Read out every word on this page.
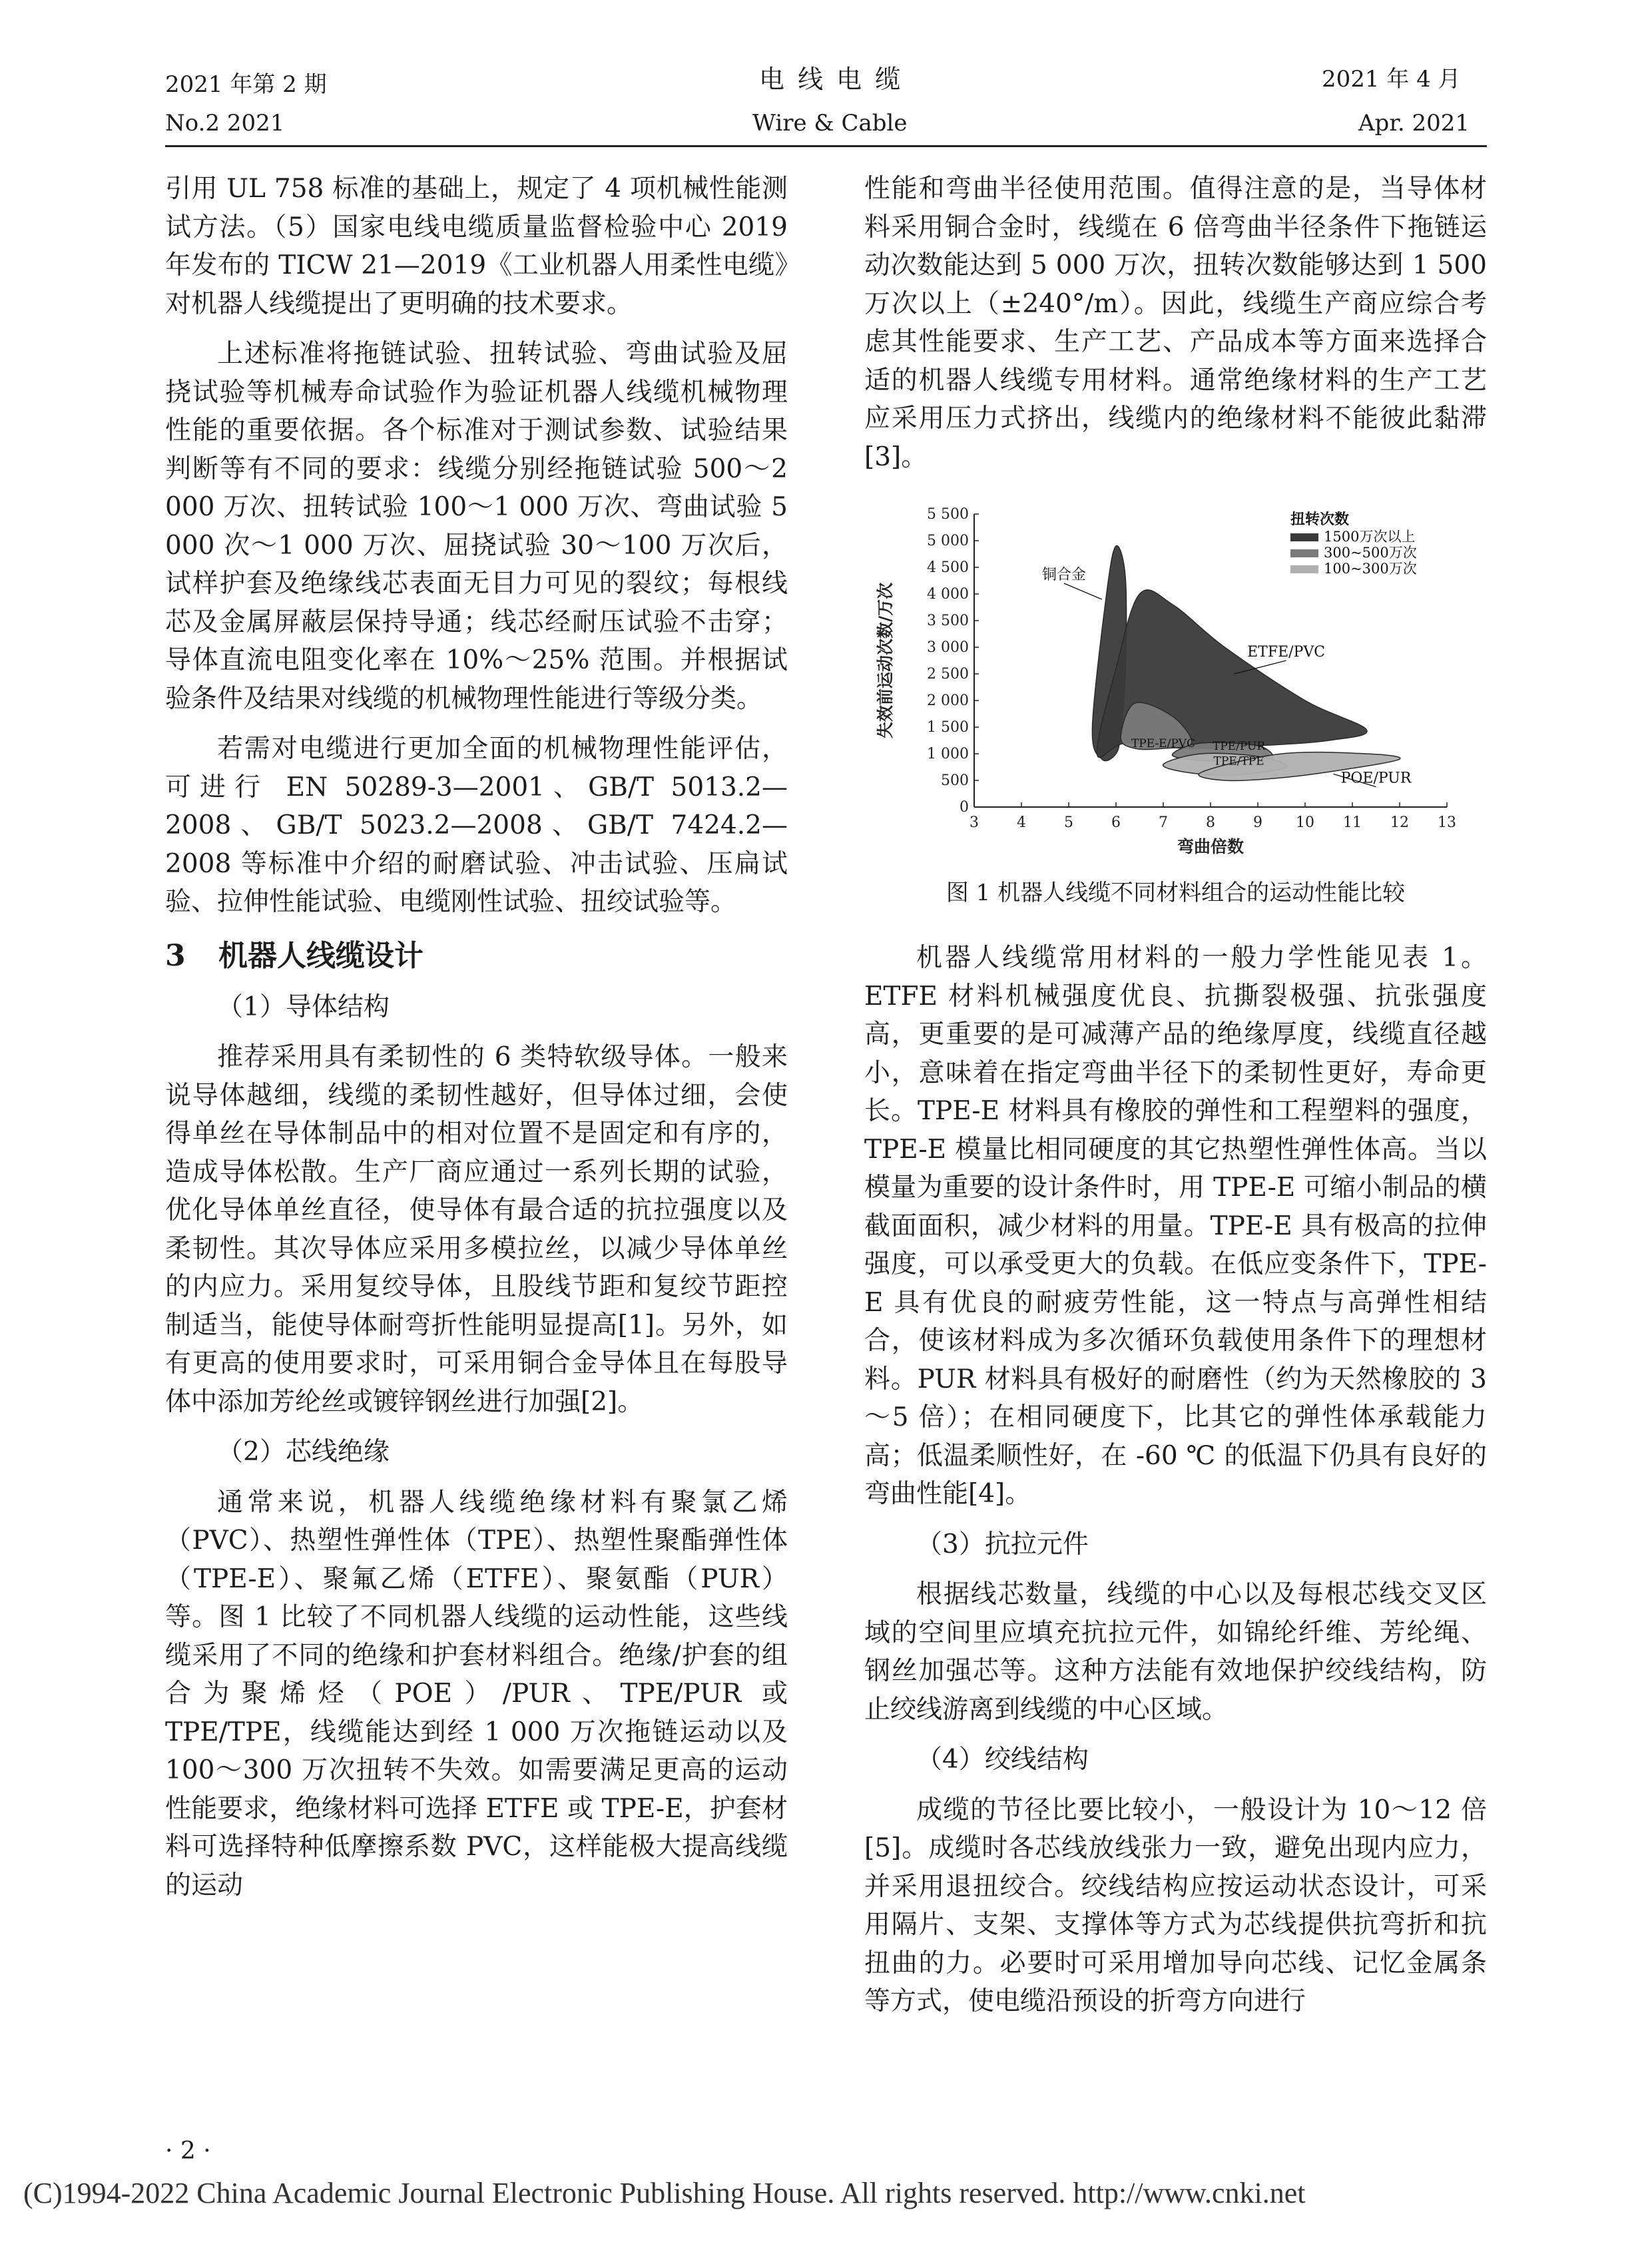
2021 年第 2 期
No.2 2021
电 线 电 缆
Wire & Cable
2021 年 4 月
Apr. 2021

引用 UL 758 标准的基础上，规定了 4 项机械性能测试方法。（5）国家电线电缆质量监督检验中心 2019 年发布的 TICW 21—2019《工业机器人用柔性电缆》对机器人线缆提出了更明确的技术要求。

上述标准将拖链试验、扭转试验、弯曲试验及屈挠试验等机械寿命试验作为验证机器人线缆机械物理性能的重要依据。各个标准对于测试参数、试验结果判断等有不同的要求：线缆分别经拖链试验 500～2 000 万次、扭转试验 100～1 000 万次、弯曲试验 5 000 次～1 000 万次、屈挠试验 30～100 万次后，试样护套及绝缘线芯表面无目力可见的裂纹；每根线芯及金属屏蔽层保持导通；线芯经耐压试验不击穿；导体直流电阻变化率在 10%～25% 范围。并根据试验条件及结果对线缆的机械物理性能进行等级分类。

若需对电缆进行更加全面的机械物理性能评估，可进行 EN 50289-3—2001、GB/T 5013.2—2008、GB/T 5023.2—2008、GB/T 7424.2—2008 等标准中介绍的耐磨试验、冲击试验、压扁试验、拉伸性能试验、电缆刚性试验、扭绞试验等。

3 机器人线缆设计

（1）导体结构

推荐采用具有柔韧性的 6 类特软级导体。一般来说导体越细，线缆的柔韧性越好，但导体过细，会使得单丝在导体制品中的相对位置不是固定和有序的，造成导体松散。生产厂商应通过一系列长期的试验，优化导体单丝直径，使导体有最合适的抗拉强度以及柔韧性。其次导体应采用多模拉丝，以减少导体单丝的内应力。采用复绞导体，且股线节距和复绞节距控制适当，能使导体耐弯折性能明显提高[1]。另外，如有更高的使用要求时，可采用铜合金导体且在每股导体中添加芳纶丝或镀锌钢丝进行加强[2]。

（2）芯线绝缘

通常来说，机器人线缆绝缘材料有聚氯乙烯（PVC）、热塑性弹性体（TPE）、热塑性聚酯弹性体（TPE-E）、聚氟乙烯（ETFE）、聚氨酯（PUR）等。图 1 比较了不同机器人线缆的运动性能，这些线缆采用了不同的绝缘和护套材料组合。绝缘/护套的组合为聚烯烃（POE）/PUR、TPE/PUR 或 TPE/TPE，线缆能达到经 1 000 万次拖链运动以及 100～300 万次扭转不失效。如需要满足更高的运动性能要求，绝缘材料可选择 ETFE 或 TPE-E，护套材料可选择特种低摩擦系数 PVC，这样能极大提高线缆的运动

性能和弯曲半径使用范围。值得注意的是，当导体材料采用铜合金时，线缆在 6 倍弯曲半径条件下拖链运动次数能达到 5 000 万次，扭转次数能够达到 1 500 万次以上（±240°/m）。因此，线缆生产商应综合考虑其性能要求、生产工艺、产品成本等方面来选择合适的机器人线缆专用材料。通常绝缘材料的生产工艺应采用压力式挤出，线缆内的绝缘材料不能彼此黏滞[3]。

3	4	5	6	7	8	9 10 11 12 13
0
500
1 000
1 500
2 000
2 500
3 000
3 500
4 000
4 500
5 000
5 500
弯曲倍数
失效前运动次数/万次
铜合金
ETFE/PVC
TPE-E/PVC TPE/PUR
TPE/TPE
POE/PUR
扭转次数
1500万次以上
300~500万次
100~300万次
图 1 机器人线缆不同材料组合的运动性能比较

机器人线缆常用材料的一般力学性能见表 1。ETFE 材料机械强度优良、抗撕裂极强、抗张强度高，更重要的是可减薄产品的绝缘厚度，线缆直径越小，意味着在指定弯曲半径下的柔韧性更好，寿命更长。TPE-E 材料具有橡胶的弹性和工程塑料的强度，TPE-E 模量比相同硬度的其它热塑性弹性体高。当以模量为重要的设计条件时，用 TPE-E 可缩小制品的横截面面积，减少材料的用量。TPE-E 具有极高的拉伸强度，可以承受更大的负载。在低应变条件下，TPE-E 具有优良的耐疲劳性能，这一特点与高弹性相结合，使该材料成为多次循环负载使用条件下的理想材料。PUR 材料具有极好的耐磨性（约为天然橡胶的 3～5 倍）；在相同硬度下，比其它的弹性体承载能力高；低温柔顺性好，在 -60 ℃ 的低温下仍具有良好的弯曲性能[4]。

（3）抗拉元件

根据线芯数量，线缆的中心以及每根芯线交叉区域的空间里应填充抗拉元件，如锦纶纤维、芳纶绳、钢丝加强芯等。这种方法能有效地保护绞线结构，防止绞线游离到线缆的中心区域。

（4）绞线结构

成缆的节径比要比较小，一般设计为 10～12 倍[5]。成缆时各芯线放线张力一致，避免出现内应力，并采用退扭绞合。绞线结构应按运动状态设计，可采用隔片、支架、支撑体等方式为芯线提供抗弯折和抗扭曲的力。必要时可采用增加导向芯线、记忆金属条等方式，使电缆沿预设的折弯方向进行

· 2 ·
(C)1994-2022 China Academic Journal Electronic Publishing House. All rights reserved. http://www.cnki.net
